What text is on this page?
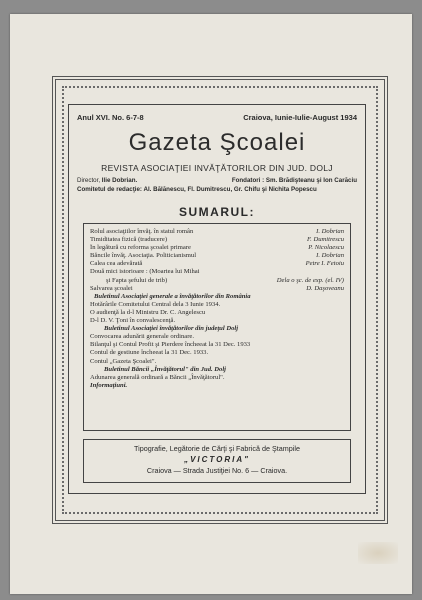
Anul XVI. No. 6-7-8	Craiova, Iunie-Iulie-August 1934
Gazeta Şcoalei
REVISTA ASOCIAŢIEI INVĂŢĂTORILOR DIN JUD. DOLJ
Director, Ilie Dobrian.	Fondatori : Sm. Brădişteanu şi Ion Carăciu
Comitetul de redacţie: Al. Bălănescu, Fl. Dumitrescu, Gr. Chifu şi Nichita Popescu
SUMARUL:
Rolul asociaţiilor învăţ. în statul român	I. Dobrian
Timiditatea fizică (traducere)	F. Dumitrescu
În legătură cu reforma şcoalei primare	P. Nicolaescu
Băncile învăţ. Asociaţia. Politicianismul	I. Dobrian
Calea cea adevărată	Petre I. Fetoiu
Două mici istorioare : (Moartea lui Mihai
şi Fapta şefului de trib)	Dela o şc. de exp. (el. IV)
Salvarea şcoalei	D. Daşoveanu
Buletinul Asociaţiei generale a învăţătorilor din România
Hotărârile Comitetului Central dela 3 Iunie 1934.
O audienţă la d-l Ministru Dr. C. Angelescu
D-l D. V. Ţoni în convalescenţă.
Buletinul Asociaţiei învăţătorilor din judeţul Dolj
Convocarea adunării generale ordinare.
Bilanţul şi Contul Profit şi Pierdere încheeat la 31 Dec. 1933
Contul de gestiune încheeat la 31 Dec. 1933.
Contul „Gazeta Şcoalei".
Buletinul Băncii „Învăţătorul" din Jud. Dolj
Adunarea generală ordinară a Băncii „Învăţătorul".
Informaţiuni.
Tipografie, Legătorie de Cărţi şi Fabrică de Ştampile
„VICTORIA"
Craiova — Strada Justiţiei No. 6 — Craiova.
